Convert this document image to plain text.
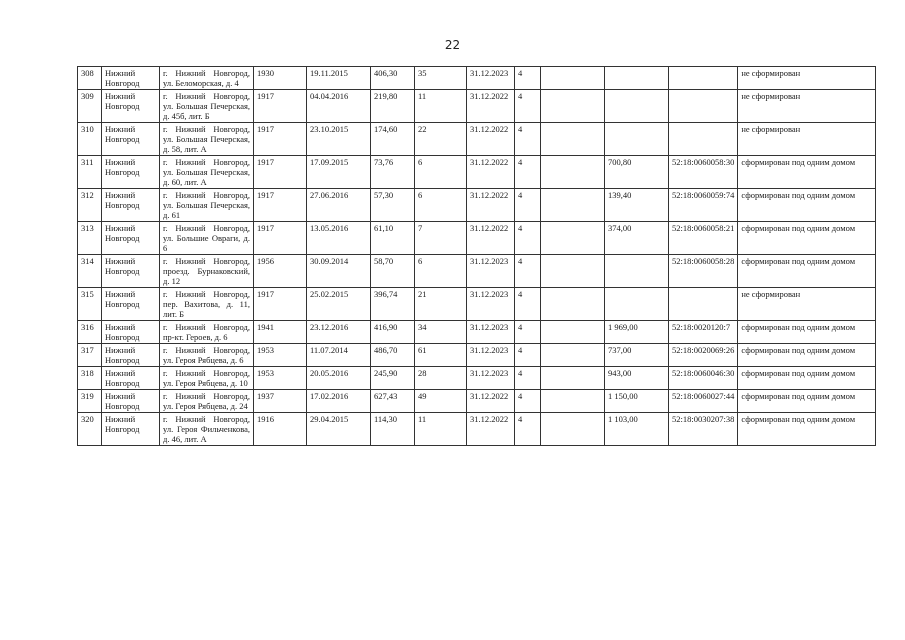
22
308	Нижний Новгород	г. Нижний Новгород, ул. Беломорская, д. 4	1930	19.11.2015	406,30	35	31.12.2023	4				не сформирован
309	Нижний Новгород	г. Нижний Новгород, ул. Большая Печерская, д. 45б, лит. Б	1917	04.04.2016	219,80	11	31.12.2022	4				не сформирован
310	Нижний Новгород	г. Нижний Новгород, ул. Большая Печерская, д. 58, лит. А	1917	23.10.2015	174,60	22	31.12.2022	4				не сформирован
311	Нижний Новгород	г. Нижний Новгород, ул. Большая Печерская, д. 60, лит. А	1917	17.09.2015	73,76	6	31.12.2022	4		700,80	52:18:0060058:30	сформирован под одним домом
312	Нижний Новгород	г. Нижний Новгород, ул. Большая Печерская, д. 61	1917	27.06.2016	57,30	6	31.12.2022	4		139,40	52:18:0060059:74	сформирован под одним домом
313	Нижний Новгород	г. Нижний Новгород, ул. Большие Овраги, д. 6	1917	13.05.2016	61,10	7	31.12.2022	4		374,00	52:18:0060058:21	сформирован под одним домом
314	Нижний Новгород	г. Нижний Новгород, проезд. Бурнаковский, д. 12	1956	30.09.2014	58,70	6	31.12.2023	4			52:18:0060058:28	сформирован под одним домом
315	Нижний Новгород	г. Нижний Новгород, пер. Вахитова, д. 11, лит. Б	1917	25.02.2015	396,74	21	31.12.2023	4				не сформирован
316	Нижний Новгород	г. Нижний Новгород, пр-кт. Героев, д. 6	1941	23.12.2016	416,90	34	31.12.2023	4		1 969,00	52:18:0020120:7	сформирован под одним домом
317	Нижний Новгород	г. Нижний Новгород, ул. Героя Рябцева, д. 6	1953	11.07.2014	486,70	61	31.12.2023	4		737,00	52:18:0020069:26	сформирован под одним домом
318	Нижний Новгород	г. Нижний Новгород, ул. Героя Рябцева, д. 10	1953	20.05.2016	245,90	28	31.12.2023	4		943,00	52:18:0060046:30	сформирован под одним домом
319	Нижний Новгород	г. Нижний Новгород, ул. Героя Рябцева, д. 24	1937	17.02.2016	627,43	49	31.12.2022	4		1 150,00	52:18:0060027:44	сформирован под одним домом
320	Нижний Новгород	г. Нижний Новгород, ул. Героя Фильченкова, д. 46, лит. А	1916	29.04.2015	114,30	11	31.12.2022	4		1 103,00	52:18:0030207:38	сформирован под одним домом
